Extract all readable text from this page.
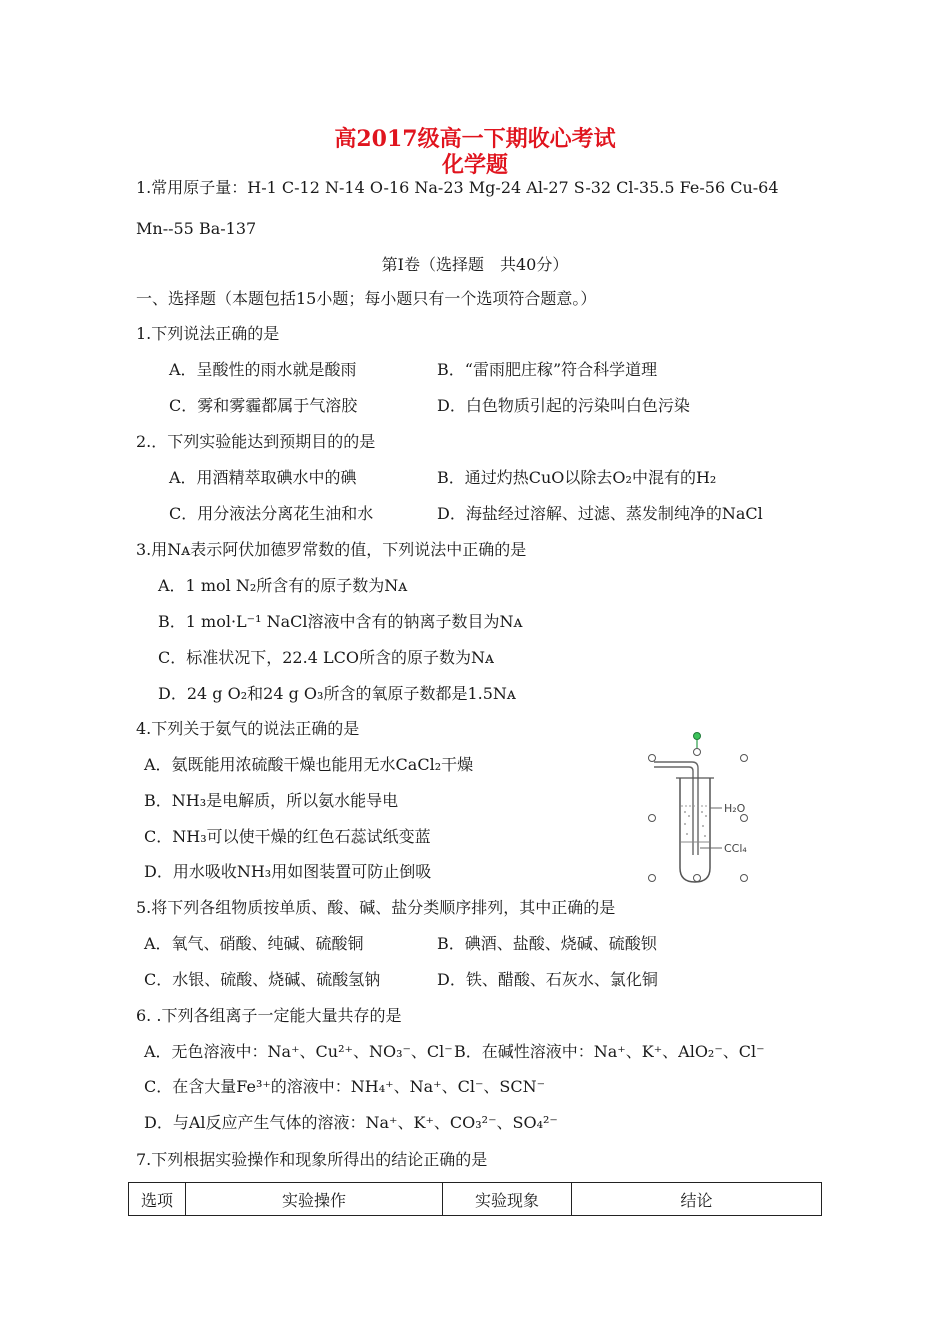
高2017级高一下期收心考试
化学题
1.常用原子量：H-1 C-12 N-14 O-16 Na-23 Mg-24 Al-27 S-32 Cl-35.5 Fe-56 Cu-64
Mn--55 Ba-137
第Ⅰ卷（选择题　共40分）
一、选择题（本题包括15小题；每小题只有一个选项符合题意。）
1.下列说法正确的是
A．呈酸性的雨水就是酸雨	B．“雷雨肥庄稼”符合科学道理
C．雾和雾霾都属于气溶胶	D．白色物质引起的污染叫白色污染
2.．下列实验能达到预期目的的是
A．用酒精萃取碘水中的碘	B．通过灼热CuO以除去O₂中混有的H₂
C．用分液法分离花生油和水	D．海盐经过溶解、过滤、蒸发制纯净的NaCl
3.用Nᴀ表示阿伏加德罗常数的值，下列说法中正确的是
A．1 mol N₂所含有的原子数为Nᴀ
B．1 mol·L⁻¹ NaCl溶液中含有的钠离子数目为Nᴀ
C．标准状况下，22.4 LCO所含的原子数为Nᴀ
D．24 g O₂和24 g O₃所含的氧原子数都是1.5Nᴀ
4.下列关于氨气的说法正确的是
A．氨既能用浓硫酸干燥也能用无水CaCl₂干燥
B．NH₃是电解质，所以氨水能导电
C．NH₃可以使干燥的红色石蕊试纸变蓝
D．用水吸收NH₃用如图装置可防止倒吸
H₂O
CCl₄
5.将下列各组物质按单质、酸、碱、盐分类顺序排列，其中正确的是
A．氧气、硝酸、纯碱、硫酸铜	B．碘酒、盐酸、烧碱、硫酸钡
C．水银、硫酸、烧碱、硫酸氢钠	D．铁、醋酸、石灰水、氯化铜
6. .下列各组离子一定能大量共存的是
A．无色溶液中：Na⁺、Cu²⁺、NO₃⁻、Cl⁻ B．在碱性溶液中：Na⁺、K⁺、AlO₂⁻、Cl⁻
C．在含大量Fe³⁺的溶液中：NH₄⁺、Na⁺、Cl⁻、SCN⁻
D．与Al反应产生气体的溶液：Na⁺、K⁺、CO₃²⁻、SO₄²⁻
7.下列根据实验操作和现象所得出的结论正确的是
选项	实验操作	实验现象	结论
